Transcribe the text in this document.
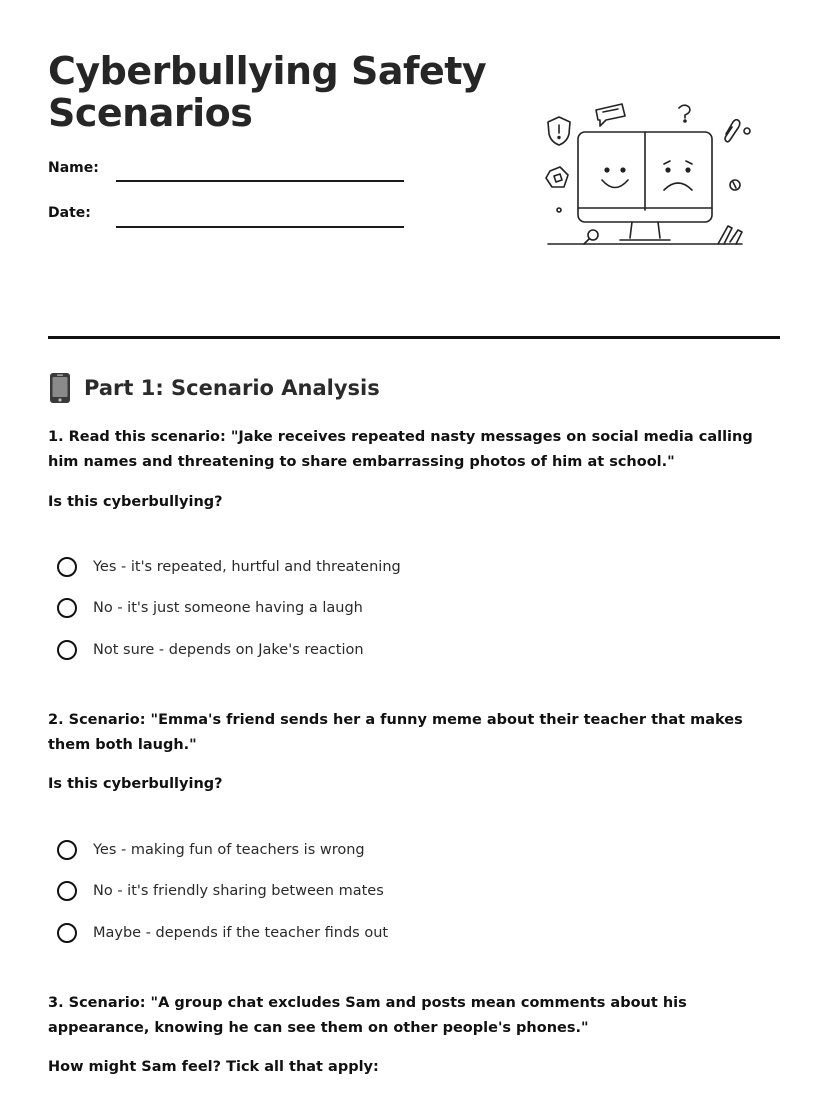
Cyberbullying Safety Scenarios
Name:
Date:
Part 1: Scenario Analysis

1. Read this scenario: "Jake receives repeated nasty messages on social media calling him names and threatening to share embarrassing photos of him at school."

Is this cyberbullying?

Yes - it's repeated, hurtful and threatening
No - it's just someone having a laugh
Not sure - depends on Jake's reaction

2. Scenario: "Emma's friend sends her a funny meme about their teacher that makes them both laugh."

Is this cyberbullying?

Yes - making fun of teachers is wrong
No - it's friendly sharing between mates
Maybe - depends if the teacher finds out

3. Scenario: "A group chat excludes Sam and posts mean comments about his appearance, knowing he can see them on other people's phones."

How might Sam feel? Tick all that apply:
